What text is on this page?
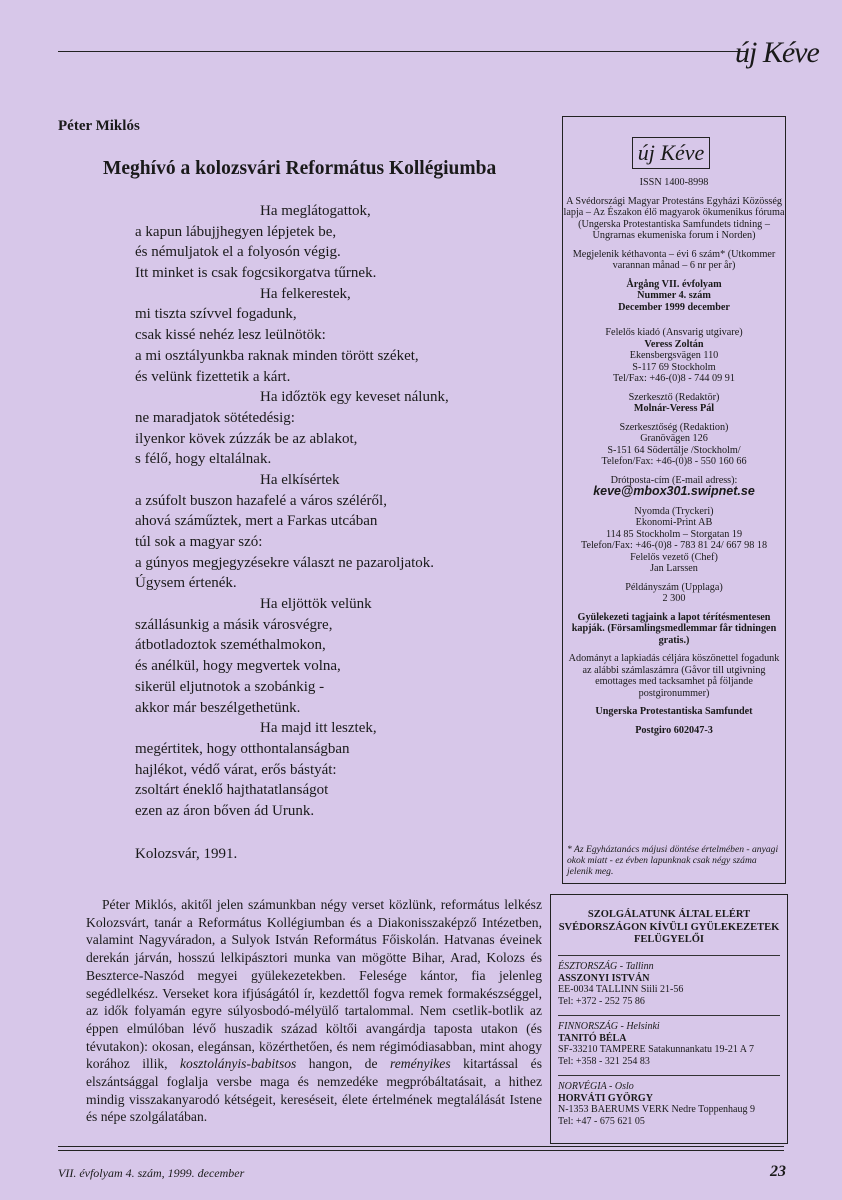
új Kéve
Péter Miklós
Meghívó a kolozsvári Református Kollégiumba
Ha meglátogattok,
a kapun lábujjhegyen lépjetek be,
és némuljatok el a folyosón végig.
Itt minket is csak fogcsikorgatva tűrnek.
Ha felkerestek,
mi tiszta szívvel fogadunk,
csak kissé nehéz lesz leülnötök:
a mi osztályunkba raknak minden törött széket,
és velünk fizettetik a kárt.
Ha időztök egy keveset nálunk,
ne maradjatok sötétedésig:
ilyenkor kövek zúzzák be az ablakot,
s félő, hogy eltalálnak.
Ha elkísértek
a zsúfolt buszon hazafelé a város széléről,
ahová száműztek, mert a Farkas utcában
túl sok a magyar szó:
a gúnyos megjegyzésekre választ ne pazaroljatok.
Úgysem értenék.
Ha eljöttök velünk
szállásunkig a másik városvégre,
átbotladoztok szeméthalmokon,
és anélkül, hogy megvertek volna,
sikerül eljutnotok a szobánkig -
akkor már beszélgethetünk.
Ha majd itt lesztek,
megértitek, hogy otthontalanságban
hajlékot, védő várat, erős bástyát:
zsoltárt éneklő hajthatatlanságot
ezen az áron bőven ád Urunk.
Kolozsvár, 1991.
Péter Miklós, akitől jelen számunkban négy verset közlünk, református lelkész Kolozsvárt, tanár a Református Kollégiumban és a Diakonisszaképző Intézetben, valamint Nagyváradon, a Sulyok István Református Főiskolán. Hatvanas éveinek derekán járván, hosszú lelkipásztori munka van mögötte Bihar, Arad, Kolozs és Beszterce-Naszód megyei gyülekezetekben. Felesége kántor, fia jelenleg segédlelkész. Verseket kora ifjúságától ír, kezdettől fogva remek formakészséggel, az idők folyamán egyre súlyosbodó-mélyülő tartalommal. Nem csetlik-botlik az éppen elmúlóban lévő huszadik század költői avangárdja taposta utakon (és tévutakon): okosan, elegánsan, közérthetően, és nem régimódiasabban, mint ahogy korához illik, kosztolányis-babitsos hangon, de reményikes kitartással és elszántsággal foglalja versbe maga és nemzedéke megpróbáltatásait, a hithez mindig visszakanyarodó kétségeit, kereséseit, élete értelmének megtalálását Istene és népe szolgálatában.
új Kéve

ISSN 1400-8998

A Svédországi Magyar Protestáns Egyházi Közösség lapja – Az Északon élő magyarok ökumenikus fóruma (Ungerska Protestantiska Samfundets tidning – Ungrarnas ekumeniska forum i Norden)

Megjelenik kéthavonta – évi 6 szám* (Utkommer varannan månad – 6 nr per år)

Årgång VII. évfolyam
Nummer 4. szám
December 1999 december

Felelős kiadó (Ansvarig utgivare)
Veress Zoltán
Ekensbergsvägen 110
S-117 69 Stockholm
Tel/Fax: +46-(0)8 - 744 09 91

Szerkesztő (Redaktör)
Molnár-Veress Pál

Szerkesztőség (Redaktion)
Granövägen 126
S-151 64 Södertälje /Stockholm/
Telefon/Fax: +46-(0)8 - 550 160 66

Drótposta-cím (E-mail adress):
keve@mbox301.swipnet.se

Nyomda (Tryckeri)
Ekonomi-Print AB
114 85 Stockholm – Storgatan 19
Telefon/Fax: +46-(0)8 - 783 81 24/ 667 98 18
Felelős vezető (Chef)
Jan Larssen

Példányszám (Upplaga)
2 300

Gyülekezeti tagjaink a lapot térítésmentesen kapják. (Församlingsmedlemmar får tidningen gratis.)

Adományt a lapkiadás céljára köszönettel fogadunk az alábbi számlaszámra (Gåvor till utgivning emottages med tacksamhet på följande postgironummer)

Ungerska Protestantiska Samfundet

Postgiro 602047-3

* Az Egyháztanács májusi döntése értelmében - anyagi okok miatt - ez évben lapunknak csak négy száma jelenik meg.
SZOLGÁLATUNK ÁLTAL ELÉRT SVÉDORSZÁGON KÍVÜLI GYÜLEKEZETEK FELÜGYELŐI
ÉSZTORSZÁG - Tallinn
ASSZONYI ISTVÁN
EE-0034 TALLINN Siili 21-56
Tel: +372 - 252 75 86
FINNORSZÁG - Helsinki
TANITÓ BÉLA
SF-33210 TAMPERE Satakunnankatu 19-21 A 7
Tel: +358 - 321 254 83
NORVÉGIA - Oslo
HORVÁTI GYÖRGY
N-1353 BAERUMS VERK Nedre Toppenhaug 9
Tel: +47 - 675 621 05
VII. évfolyam 4. szám, 1999. december	23
